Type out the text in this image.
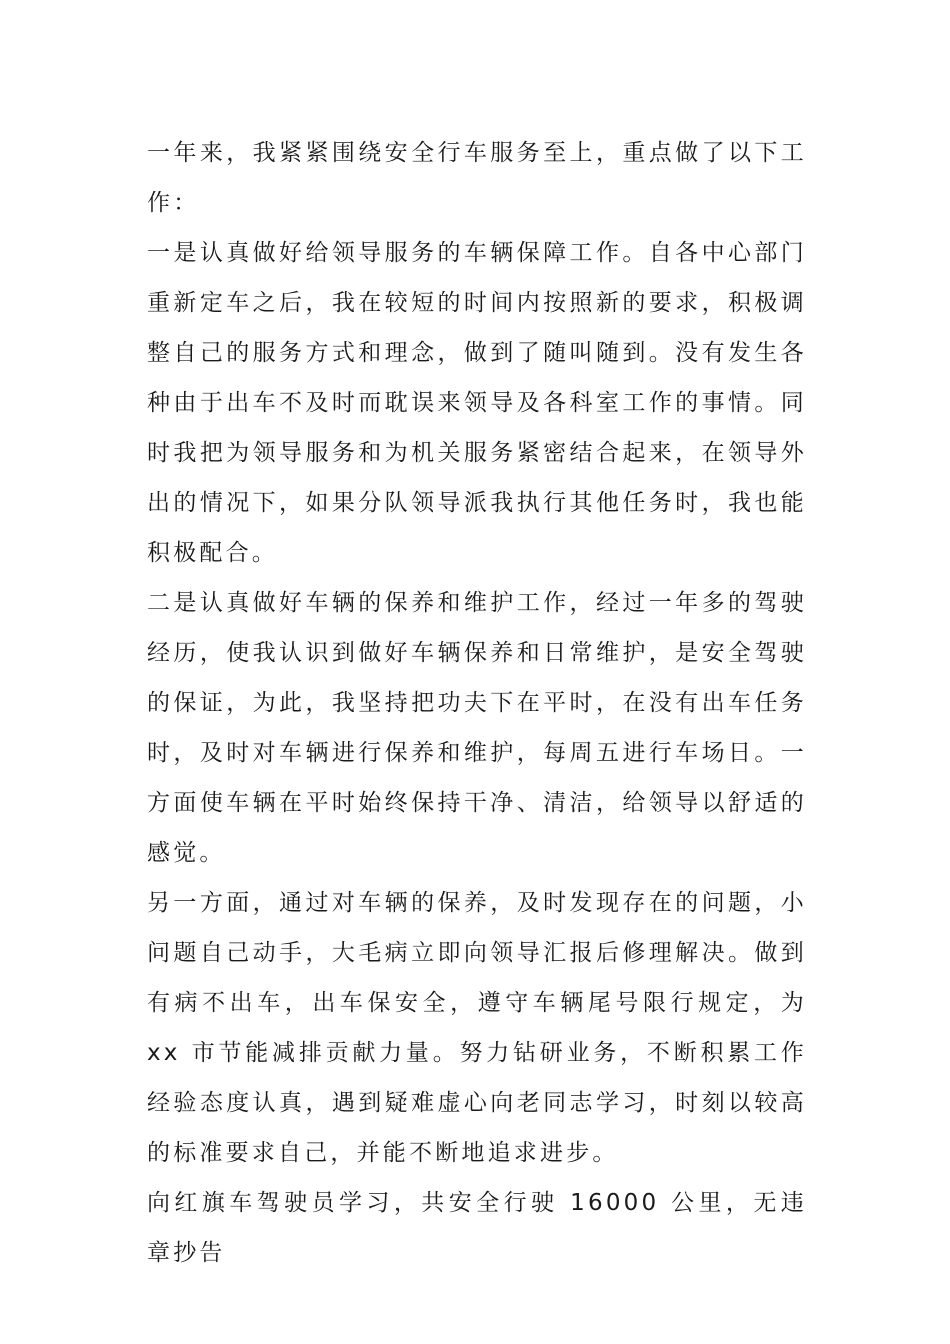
一年来，我紧紧围绕安全行车服务至上，重点做了以下工作：

一是认真做好给领导服务的车辆保障工作。自各中心部门重新定车之后，我在较短的时间内按照新的要求，积极调整自己的服务方式和理念，做到了随叫随到。没有发生各种由于出车不及时而耽误来领导及各科室工作的事情。同时我把为领导服务和为机关服务紧密结合起来，在领导外出的情况下，如果分队领导派我执行其他任务时，我也能积极配合。

二是认真做好车辆的保养和维护工作，经过一年多的驾驶经历，使我认识到做好车辆保养和日常维护，是安全驾驶的保证，为此，我坚持把功夫下在平时，在没有出车任务时，及时对车辆进行保养和维护，每周五进行车场日。一方面使车辆在平时始终保持干净、清洁，给领导以舒适的感觉。

另一方面，通过对车辆的保养，及时发现存在的问题，小问题自己动手，大毛病立即向领导汇报后修理解决。做到有病不出车，出车保安全，遵守车辆尾号限行规定，为 xx 市节能减排贡献力量。努力钻研业务，不断积累工作经验态度认真，遇到疑难虚心向老同志学习，时刻以较高的标准要求自己，并能不断地追求进步。

向红旗车驾驶员学习，共安全行驶 16000 公里，无违章抄告
